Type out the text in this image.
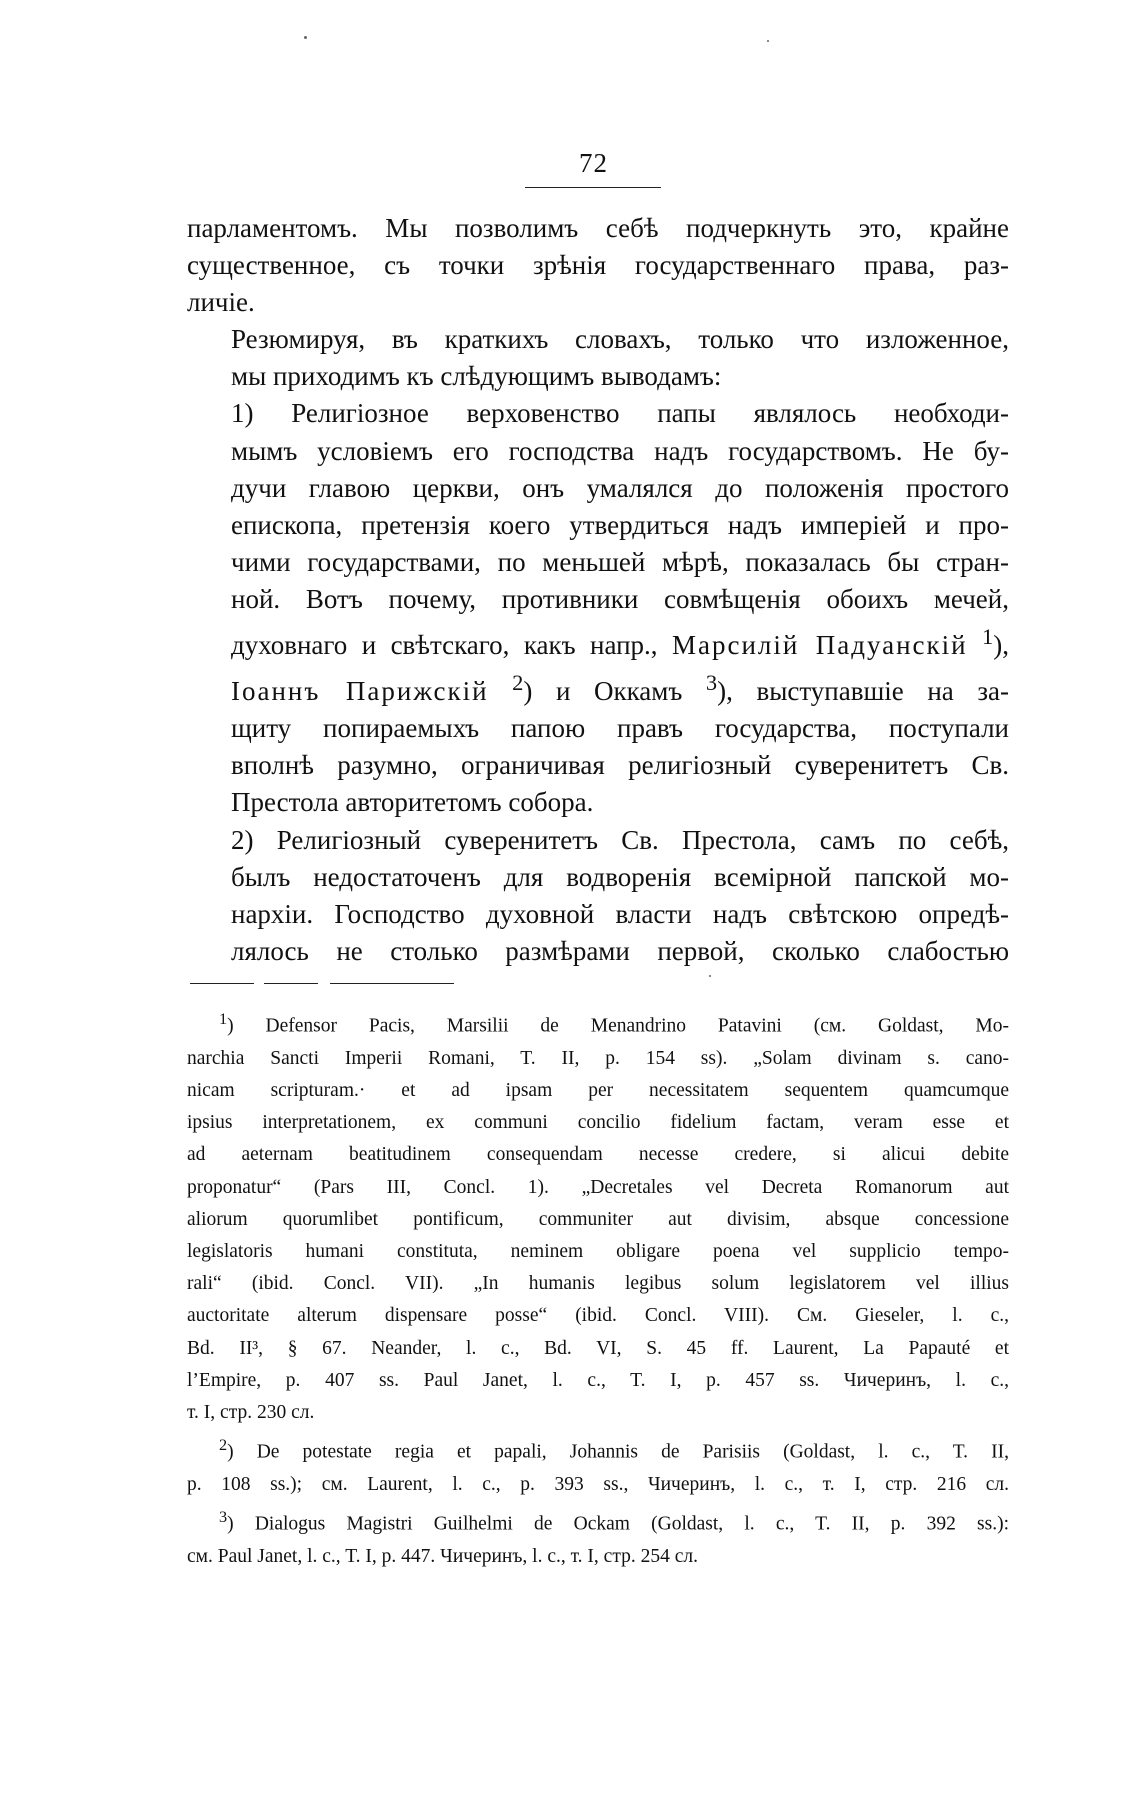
72

парламентомъ. Мы позволимъ себѣ подчеркнуть это, крайне
существенное, съ точки зрѣнія государственнаго права, раз-
личіе.

Резюмируя, въ краткихъ словахъ, только что изложенное,
мы приходимъ къ слѣдующимъ выводамъ:

1) Религіозное верховенство папы являлось необходи-
мымъ условіемъ его господства надъ государствомъ. Не бу-
дучи главою церкви, онъ умалялся до положенія простого
епископа, претензія коего утвердиться надъ имперіей и про-
чими государствами, по меньшей мѣрѣ, показалась бы стран-
ной. Вотъ почему, противники совмѣщенія обоихъ мечей,
духовнаго и свѣтскаго, какъ напр., Марсилій Падуанскій $^1$),
Іоаннъ Парижскій $^2$) и Оккамъ $^3$), выступавшіе на за-
щиту попираемыхъ папою правъ государства, поступали
вполнѣ разумно, ограничивая религіозный суверенитетъ Св.
Престола авторитетомъ собора.

2) Религіозный суверенитетъ Св. Престола, самъ по себѣ,
былъ недостаточенъ для водворенія всемірной папской мо-
нархіи. Господство духовной власти надъ свѣтскою опредѣ-
лялось не столько размѣрами первой, сколько слабостью

$^1$) Defensor Pacis, Marsilii de Menandrino Patavini (см. Goldast, Mo-
narchia Sancti Imperii Romani, T. II, p. 154 ss). „Solam divinam s. cano-
nicam scripturam.· et ad ipsam per necessitatem sequentem quamcumque
ipsius interpretationem, ex communi concilio fidelium factam, veram esse et
ad aeternam beatitudinem consequendam necesse credere, si alicui debite
proponatur“ (Pars III, Concl. 1). „Decretales vel Decreta Romanorum aut
aliorum quorumlibet pontificum, communiter aut divisim, absque concessione
legislatoris humani constituta, neminem obligare poena vel supplicio tempo-
rali“ (ibid. Concl. VII). „In humanis legibus solum legislatorem vel illius
auctoritate alterum dispensare posse“ (ibid. Concl. VIII). См. Gieseler, l. c.,
Bd. II³, § 67. Neander, l. c., Bd. VI, S. 45 ff. Laurent, La Papauté et
l’Empire, p. 407 ss. Paul Janet, l. c., T. I, p. 457 ss. Чичеринъ, l. c.,
т. I, стр. 230 сл.

$^2$) De potestate regia et papali, Johannis de Parisiis (Goldast, l. c., T. II,
p. 108 ss.); см. Laurent, l. c., p. 393 ss., Чичеринъ, l. c., т. I, стр. 216 сл.

$^3$) Dialogus Magistri Guilhelmi de Ockam (Goldast, l. c., T. II, p. 392 ss.):
см. Paul Janet, l. c., T. I, p. 447. Чичеринъ, l. c., т. I, стр. 254 сл.
